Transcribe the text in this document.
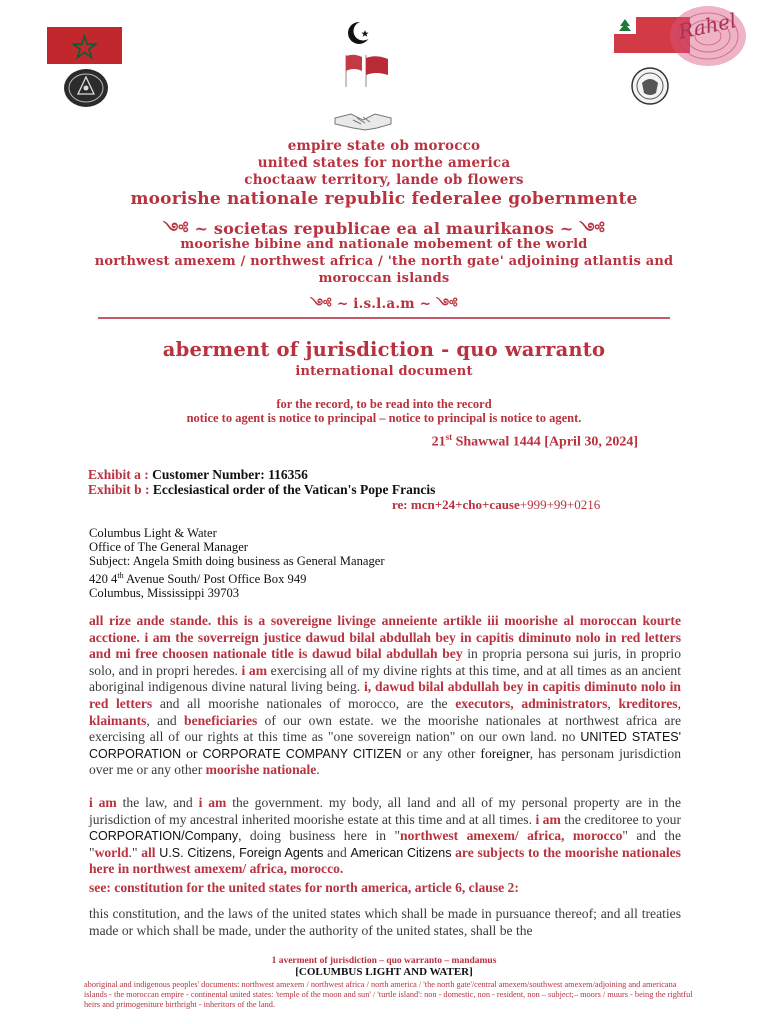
Rahel
empire state ob morocco
united states for northe america
choctaaw territory, lande ob flowers
moorishe nationale republic federalee gobernmente
༺ ~ societas republicae ea al maurikanos ~ ༺
moorishe bibine and nationale mobement of the world
northwest amexem / northwest africa / 'the north gate' adjoining atlantis and
moroccan islands
༺ ~ i.s.l.a.m ~ ༺
aberment of jurisdiction - quo warranto
international document
for the record, to be read into the record
notice to agent is notice to principal – notice to principal is notice to agent.
21st Shawwal 1444 [April 30, 2024]
Exhibit a : Customer Number: 116356
Exhibit b : Ecclesiastical order of the Vatican's Pope Francis
re: mcn+24+cho+cause+999+99+0216
Columbus Light & Water
Office of The General Manager
Subject: Angela Smith doing business as General Manager
420 4th Avenue South/ Post Office Box 949
Columbus, Mississippi 39703
all rize ande stande. this is a sovereigne livinge anneiente artikle iii moorishe al moroccan kourte acctione. i am the soverreign justice dawud bilal abdullah bey in capitis diminuto nolo in red letters and mi free choosen nationale title is dawud bilal abdullah bey in propria persona sui juris, in proprio solo, and in propri heredes. i am exercising all of my divine rights at this time, and at all times as an ancient aboriginal indigenous divine natural living being. i, dawud bilal abdullah bey in capitis diminuto nolo in red letters and all moorishe nationales of morocco, are the executors, administrators, kreditores, klaimants, and beneficiaries of our own estate. we the moorishe nationales at northwest africa are exercising all of our rights at this time as "one sovereign nation" on our own land. no UNITED STATES' CORPORATION or CORPORATE COMPANY CITIZEN or any other foreigner, has personam jurisdiction over me or any other moorishe nationale.
i am the law, and i am the government. my body, all land and all of my personal property are in the jurisdiction of my ancestral inherited moorishe estate at this time and at all times. i am the creditoree to your CORPORATION/Company, doing business here in "northwest amexem/ africa, morocco" and the "world." all U.S. Citizens, Foreign Agents and American Citizens are subjects to the moorishe nationales here in northwest amexem/ africa, morocco.
see: constitution for the united states for north america, article 6, clause 2:
this constitution, and the laws of the united states which shall be made in pursuance thereof; and all treaties made or which shall be made, under the authority of the united states, shall be the
1 averment of jurisdiction – quo warranto – mandamus
[COLUMBUS LIGHT AND WATER]
aboriginal and indigenous peoples' documents: northwest amexem / northwest africa / north america / 'the north gate'/central amexem/southwest amexem/adjoining and americana islands - the moroccan empire - continental united states: 'temple of the moon and sun' / 'turtle island': non - domestic, non - resident, non – subject;– moors / muurs - being the rightful heirs and primogeniture birthright - inheritors of the land.
